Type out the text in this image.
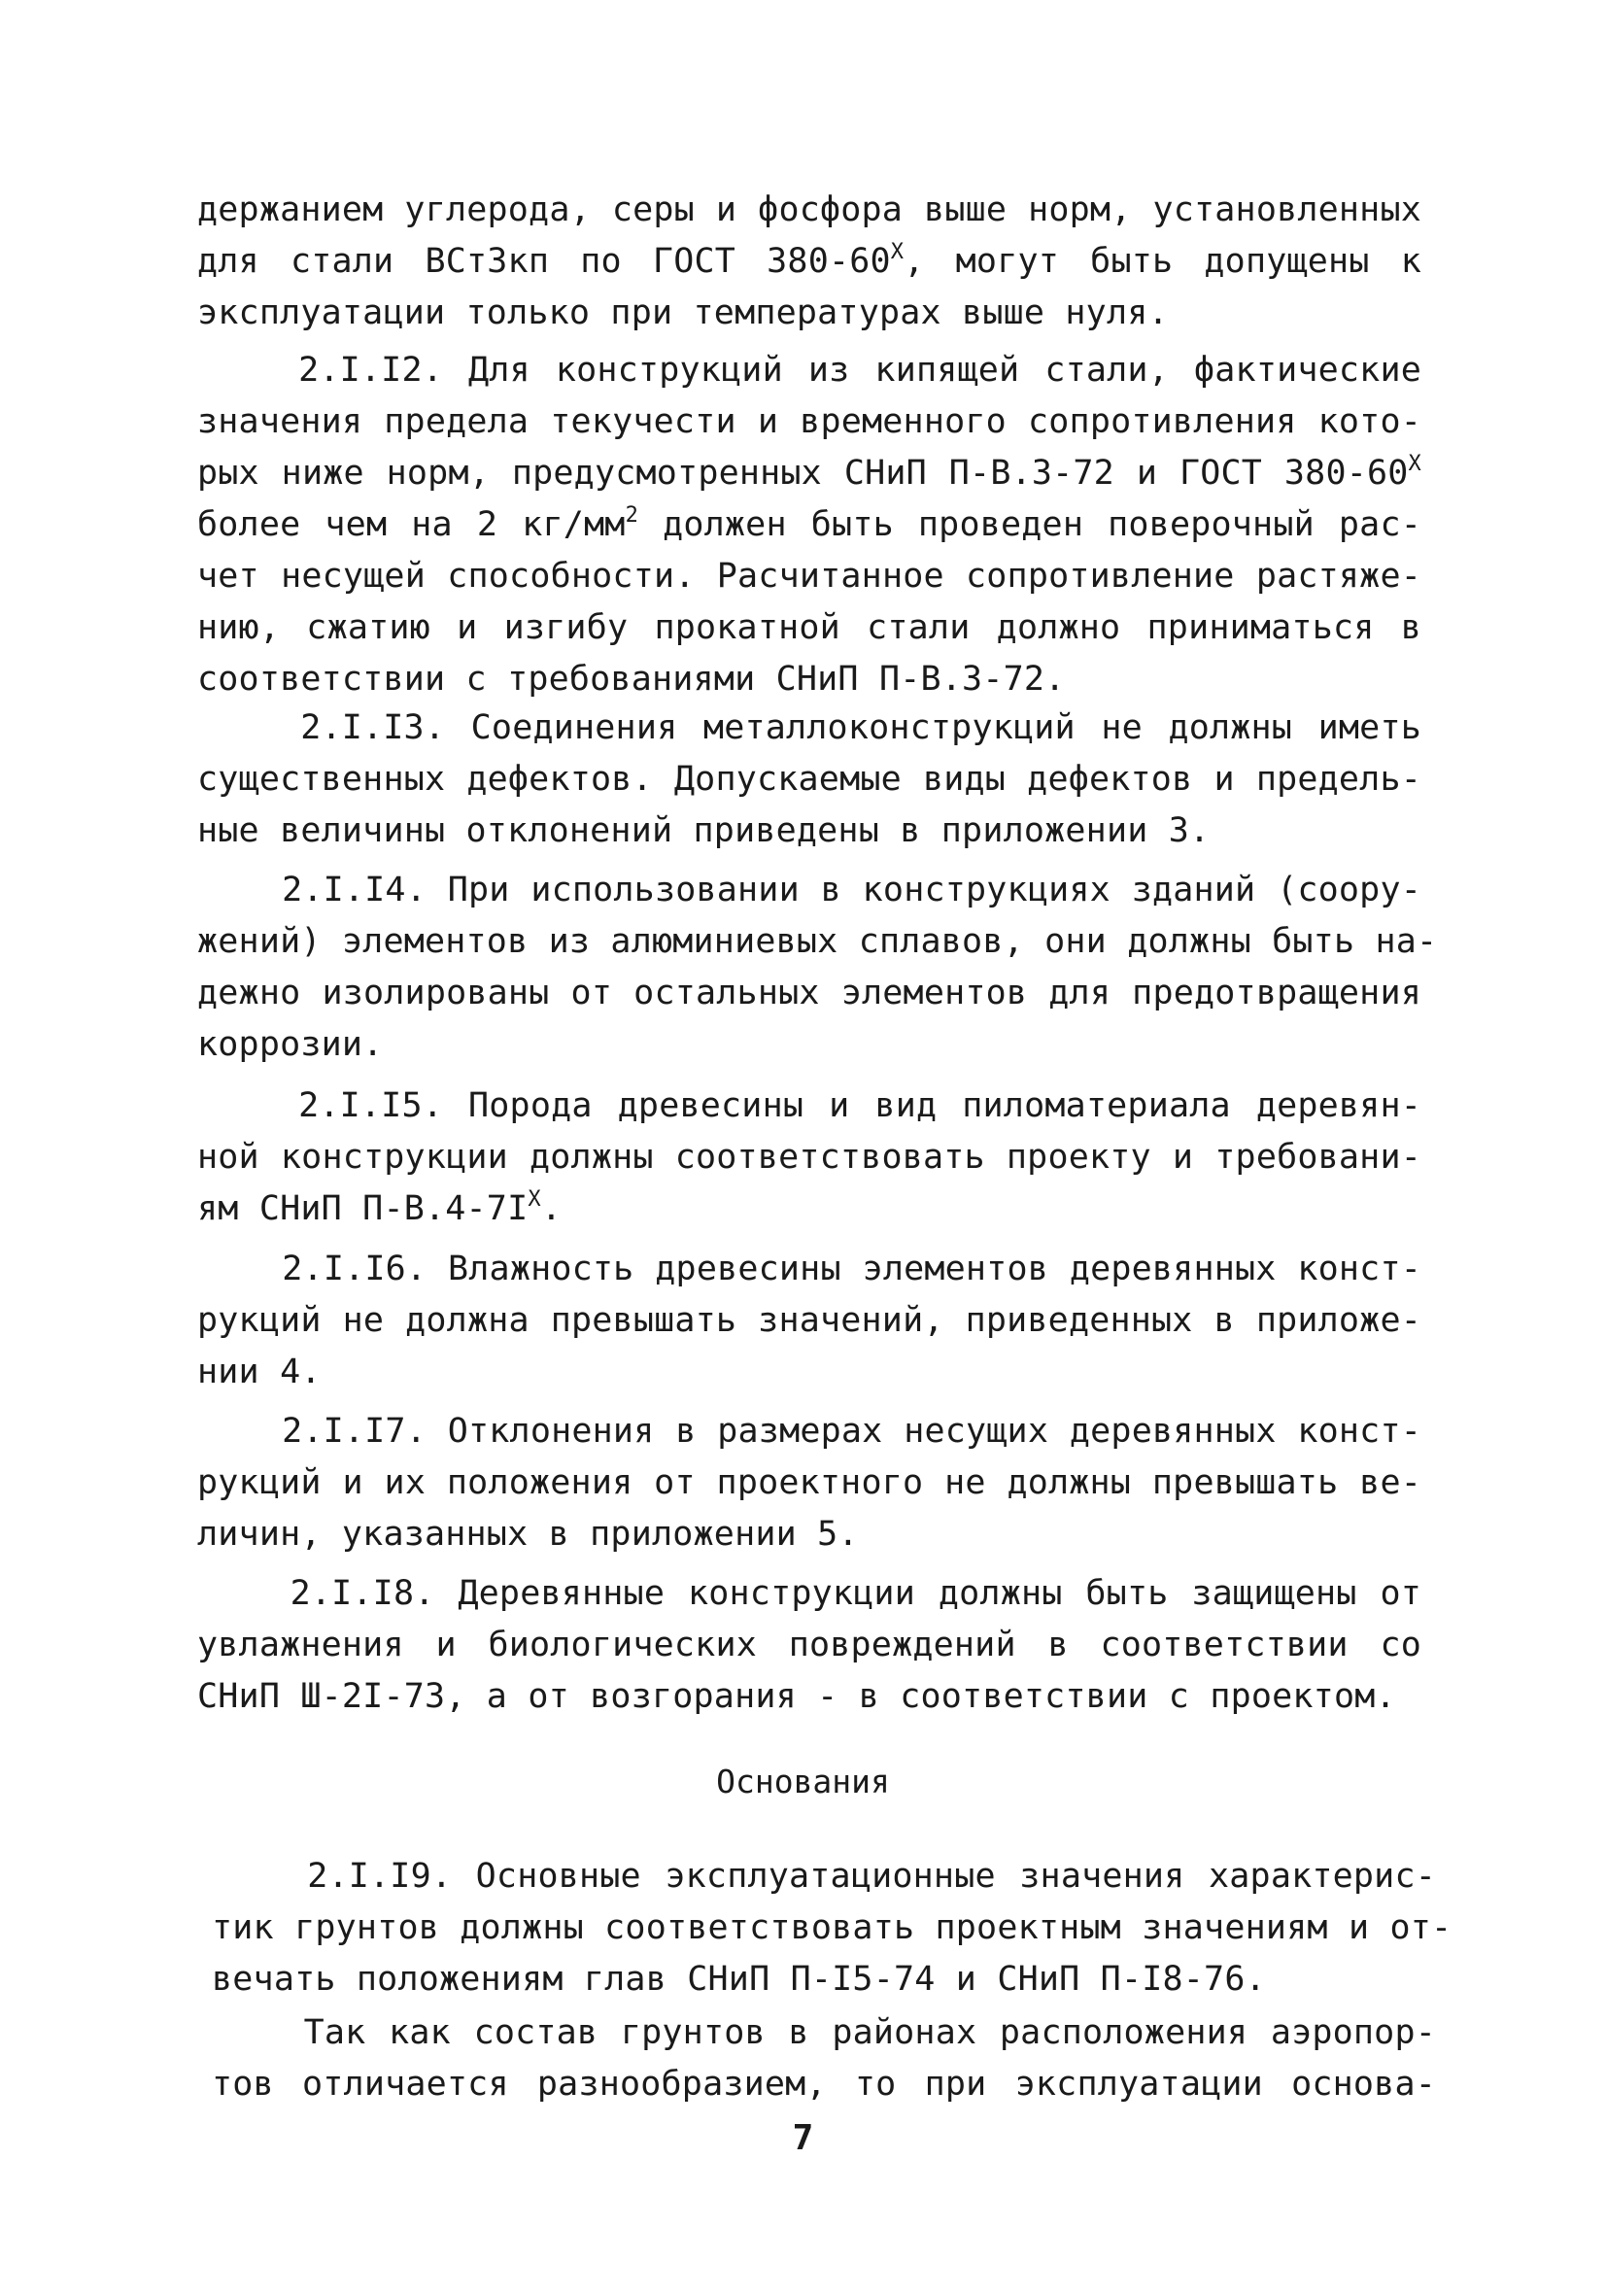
держанием углерода, серы и фосфора выше норм, установленных
для стали ВСт3кп по ГОСТ $380-60^X$, могут быть допущены к
эксплуатации только при температурах выше нуля.
2.I.I2. Для конструкций из кипящей стали, фактические
значения предела текучести и временного сопротивления кото-
рых ниже норм, предусмотренных СНиП П-В.3-72 и ГОСТ $380-60^X$
более чем на 2 $кг/мм^2$ должен быть проведен поверочный рас-
чет несущей способности. Расчитанное сопротивление растяже-
нию, сжатию и изгибу прокатной стали должно приниматься в
соответствии с требованиями СНиП П-В.3-72.
2.I.I3. Соединения металлоконструкций не должны иметь
существенных дефектов. Допускаемые виды дефектов и предель-
ные величины отклонений приведены в приложении 3.
2.I.I4. При использовании в конструкциях зданий (соору-
жений) элементов из алюминиевых сплавов, они должны быть на-
дежно изолированы от остальных элементов для предотвращения
коррозии.
2.I.I5. Порода древесины и вид пиломатериала деревян-
ной конструкции должны соответствовать проекту и требовани-
ям СНиП $П-В.4-7I^X$.
2.I.I6. Влажность древесины элементов деревянных конст-
рукций не должна превышать значений, приведенных в приложе-
нии 4.
2.I.I7. Отклонения в размерах несущих деревянных конст-
рукций и их положения от проектного не должны превышать ве-
личин, указанных в приложении 5.
2.I.I8. Деревянные конструкции должны быть защищены от
увлажнения и биологических повреждений в соответствии со
СНиП Ш-2I-73, а от возгорания - в соответствии с проектом.
Основания
2.I.I9. Основные эксплуатационные значения характерис-
тик грунтов должны соответствовать проектным значениям и от-
вечать положениям глав СНиП П-I5-74 и СНиП П-I8-76.
Так как состав грунтов в районах расположения аэропор-
тов отличается разнообразием, то при эксплуатации основа-
7
